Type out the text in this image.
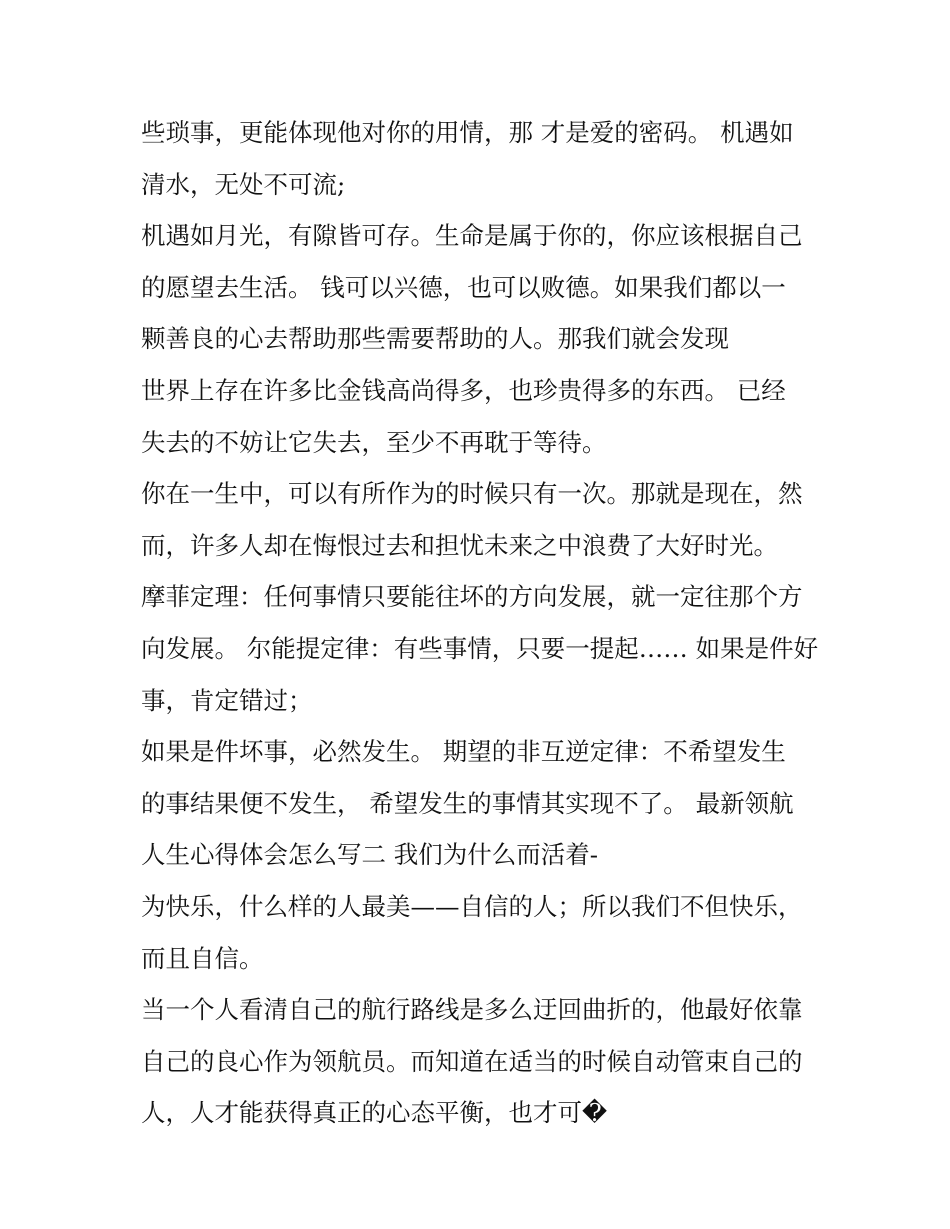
些琐事，更能体现他对你的用情，那 才是爱的密码。 机遇如
清水，无处不可流;
机遇如月光，有隙皆可存。生命是属于你的，你应该根据自己
的愿望去生活。 钱可以兴德，也可以败德。如果我们都以一
颗善良的心去帮助那些需要帮助的人。那我们就会发现
世界上存在许多比金钱高尚得多，也珍贵得多的东西。 已经
失去的不妨让它失去，至少不再耽于等待。
你在一生中，可以有所作为的时候只有一次。那就是现在，然
而，许多人却在悔恨过去和担忧未来之中浪费了大好时光。
摩菲定理：任何事情只要能往坏的方向发展，就一定往那个方
向发展。 尔能提定律：有些事情，只要一提起…… 如果是件好
事，肯定错过；
如果是件坏事，必然发生。 期望的非互逆定律：不希望发生
的事结果便不发生， 希望发生的事情其实现不了。 最新领航
人生心得体会怎么写二 我们为什么而活着-
为快乐，什么样的人最美——自信的人；所以我们不但快乐，
而且自信。
当一个人看清自己的航行路线是多么迂回曲折的，他最好依靠
自己的良心作为领航员。而知道在适当的时候自动管束自己的
人，人才能获得真正的心态平衡，也才可�
